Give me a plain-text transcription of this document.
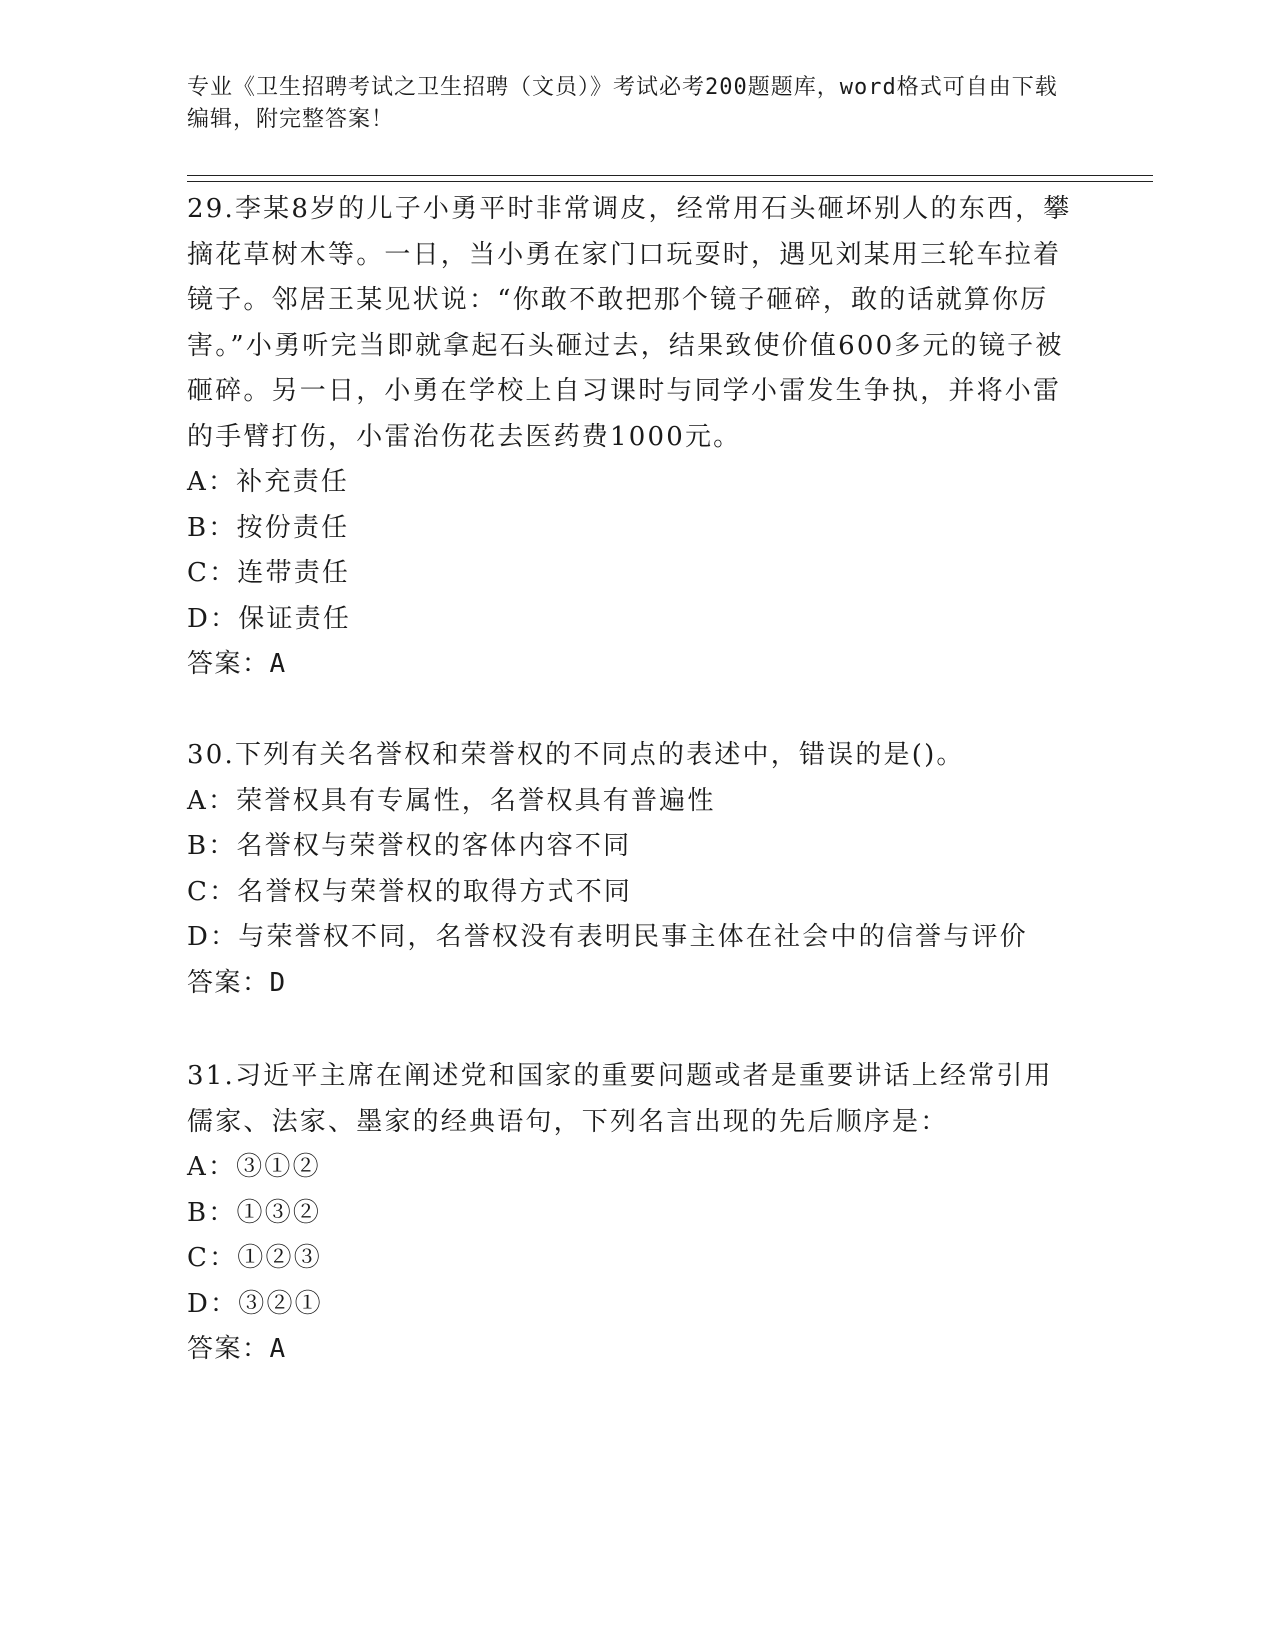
专业《卫生招聘考试之卫生招聘（文员）》考试必考200题题库，word格式可自由下载编辑，附完整答案！

29.李某8岁的儿子小勇平时非常调皮，经常用石头砸坏别人的东西，攀摘花草树木等。一日，当小勇在家门口玩耍时，遇见刘某用三轮车拉着镜子。邻居王某见状说：“你敢不敢把那个镜子砸碎，敢的话就算你厉害。”小勇听完当即就拿起石头砸过去，结果致使价值600多元的镜子被砸碎。另一日，小勇在学校上自习课时与同学小雷发生争执，并将小雷的手臂打伤，小雷治伤花去医药费1000元。

A：补充责任

B：按份责任

C：连带责任

D：保证责任

答案：A

30.下列有关名誉权和荣誉权的不同点的表述中，错误的是()。

A：荣誉权具有专属性，名誉权具有普遍性

B：名誉权与荣誉权的客体内容不同

C：名誉权与荣誉权的取得方式不同

D：与荣誉权不同，名誉权没有表明民事主体在社会中的信誉与评价

答案：D

31.习近平主席在阐述党和国家的重要问题或者是重要讲话上经常引用儒家、法家、墨家的经典语句，下列名言出现的先后顺序是：

A：③①②

B：①③②

C：①②③

D：③②①

答案：A
